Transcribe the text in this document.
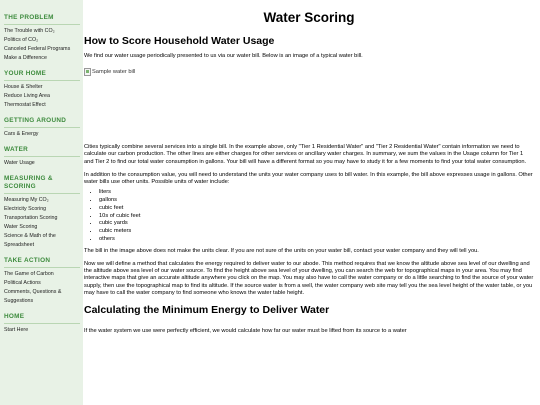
THE PROBLEM
The Trouble with CO₂
Politics of CO₂
Canceled Federal Programs
Make a Difference
YOUR HOME
House & Shelter
Reduce Living Area
Thermostat Effect
GETTING AROUND
Cars & Energy
WATER
Water Usage
MEASURING & SCORING
Measuring My CO₂
Electricity Scoring
Transportation Scoring
Water Scoring
Science & Math of the Spreadsheet
TAKE ACTION
The Game of Carbon
Political Actions
Comments, Questions & Suggestions
HOME
Start Here
Water Scoring
How to Score Household Water Usage

We find our water usage periodically presented to us via our water bill. Below is an image of a typical water bill.

Sample water bill

Cities typically combine several services into a single bill. In the example above, only "Tier 1 Residential Water" and "Tier 2 Residential Water" contain information we need to calculate our carbon production. The other lines are either charges for other services or ancillary water charges. In summary, we sum the values in the Usage column for Tier 1 and Tier 2 to find our total water consumption in gallons. Your bill will have a different format so you may have to study it for a few moments to find your total water consumption.

In addition to the consumption value, you will need to understand the units your water company uses to bill water. In this example, the bill above expresses usage in gallons. Other water bills use other units. Possible units of water include:

• liters
• gallons
• cubic feet
• 10s of cubic feet
• cubic yards
• cubic meters
• others

The bill in the image above does not make the units clear. If you are not sure of the units on your water bill, contact your water company and they will tell you.

Now we will define a method that calculates the energy required to deliver water to our abode. This method requires that we know the altitude above sea level of our dwelling and the altitude above sea level of our water source. To find the height above sea level of your dwelling, you can search the web for topographical maps in your area. You may find interactive maps that give an accurate altitude anywhere you click on the map. You may also have to call the water company or do a little searching to find the source of your water supply, then use the topographical map to find its altitude. If the source water is from a well, the water company web site may tell you the sea level height of the water table, or you may have to call the water company to find someone who knows the water table height.

Calculating the Minimum Energy to Deliver Water

If the water system we use were perfectly efficient, we would calculate how far our water must be lifted from its source to a water
